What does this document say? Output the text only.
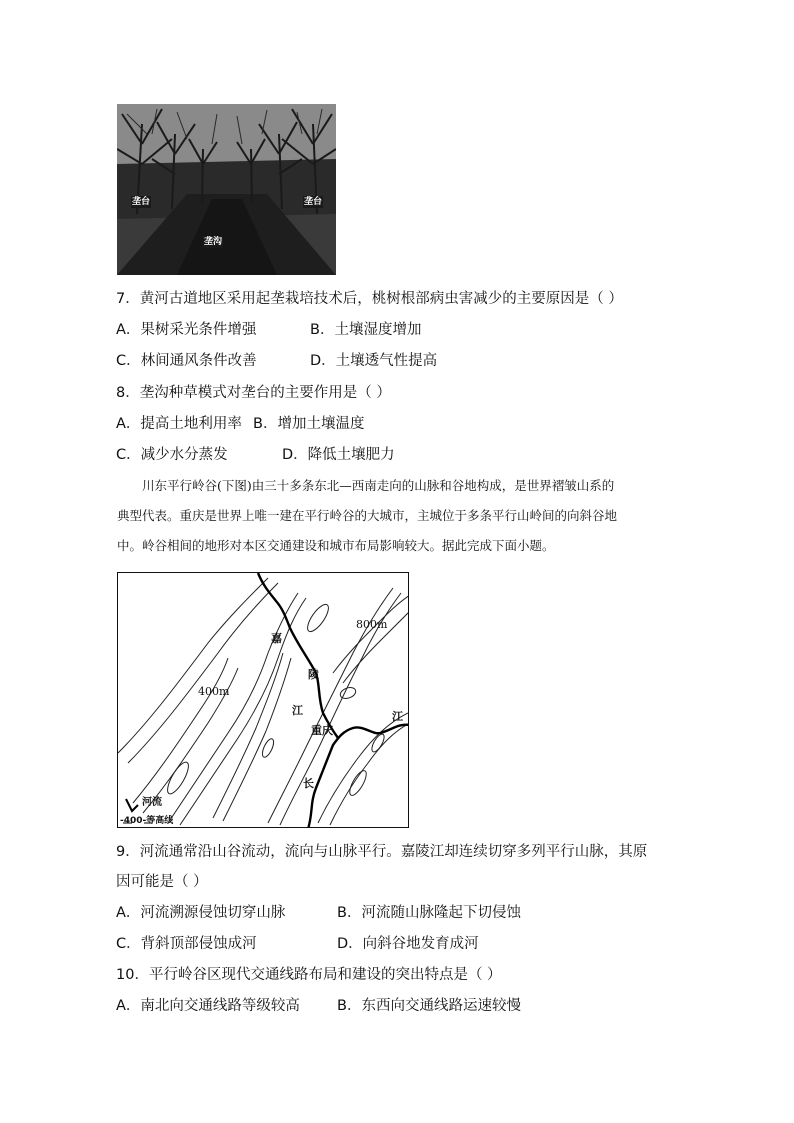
垄台	垄台
垄沟
7．黄河古道地区采用起垄栽培技术后，桃树根部病虫害减少的主要原因是（ ）
A．果树采光条件增强	B．土壤湿度增加
C．林间通风条件改善	D．土壤透气性提高
8．垄沟种草模式对垄台的主要作用是（ ）
A．提高土地利用率 B．增加土壤温度
C．减少水分蒸发	D．降低土壤肥力
川东平行岭谷(下图)由三十多条东北—西南走向的山脉和谷地构成，是世界褶皱山系的
典型代表。重庆是世界上唯一建在平行岭谷的大城市，主城位于多条平行山岭间的向斜谷地
中。岭谷相间的地形对本区交通建设和城市布局影响较大。据此完成下面小题。
嘉
陵
江	江
重庆
长
800m
400m
河流
-400-等高线
9．河流通常沿山谷流动，流向与山脉平行。嘉陵江却连续切穿多列平行山脉，其原
因可能是（ ）
A．河流溯源侵蚀切穿山脉	B．河流随山脉隆起下切侵蚀
C．背斜顶部侵蚀成河	D．向斜谷地发育成河
10．平行岭谷区现代交通线路布局和建设的突出特点是（ ）
A．南北向交通线路等级较高	B．东西向交通线路运速较慢
